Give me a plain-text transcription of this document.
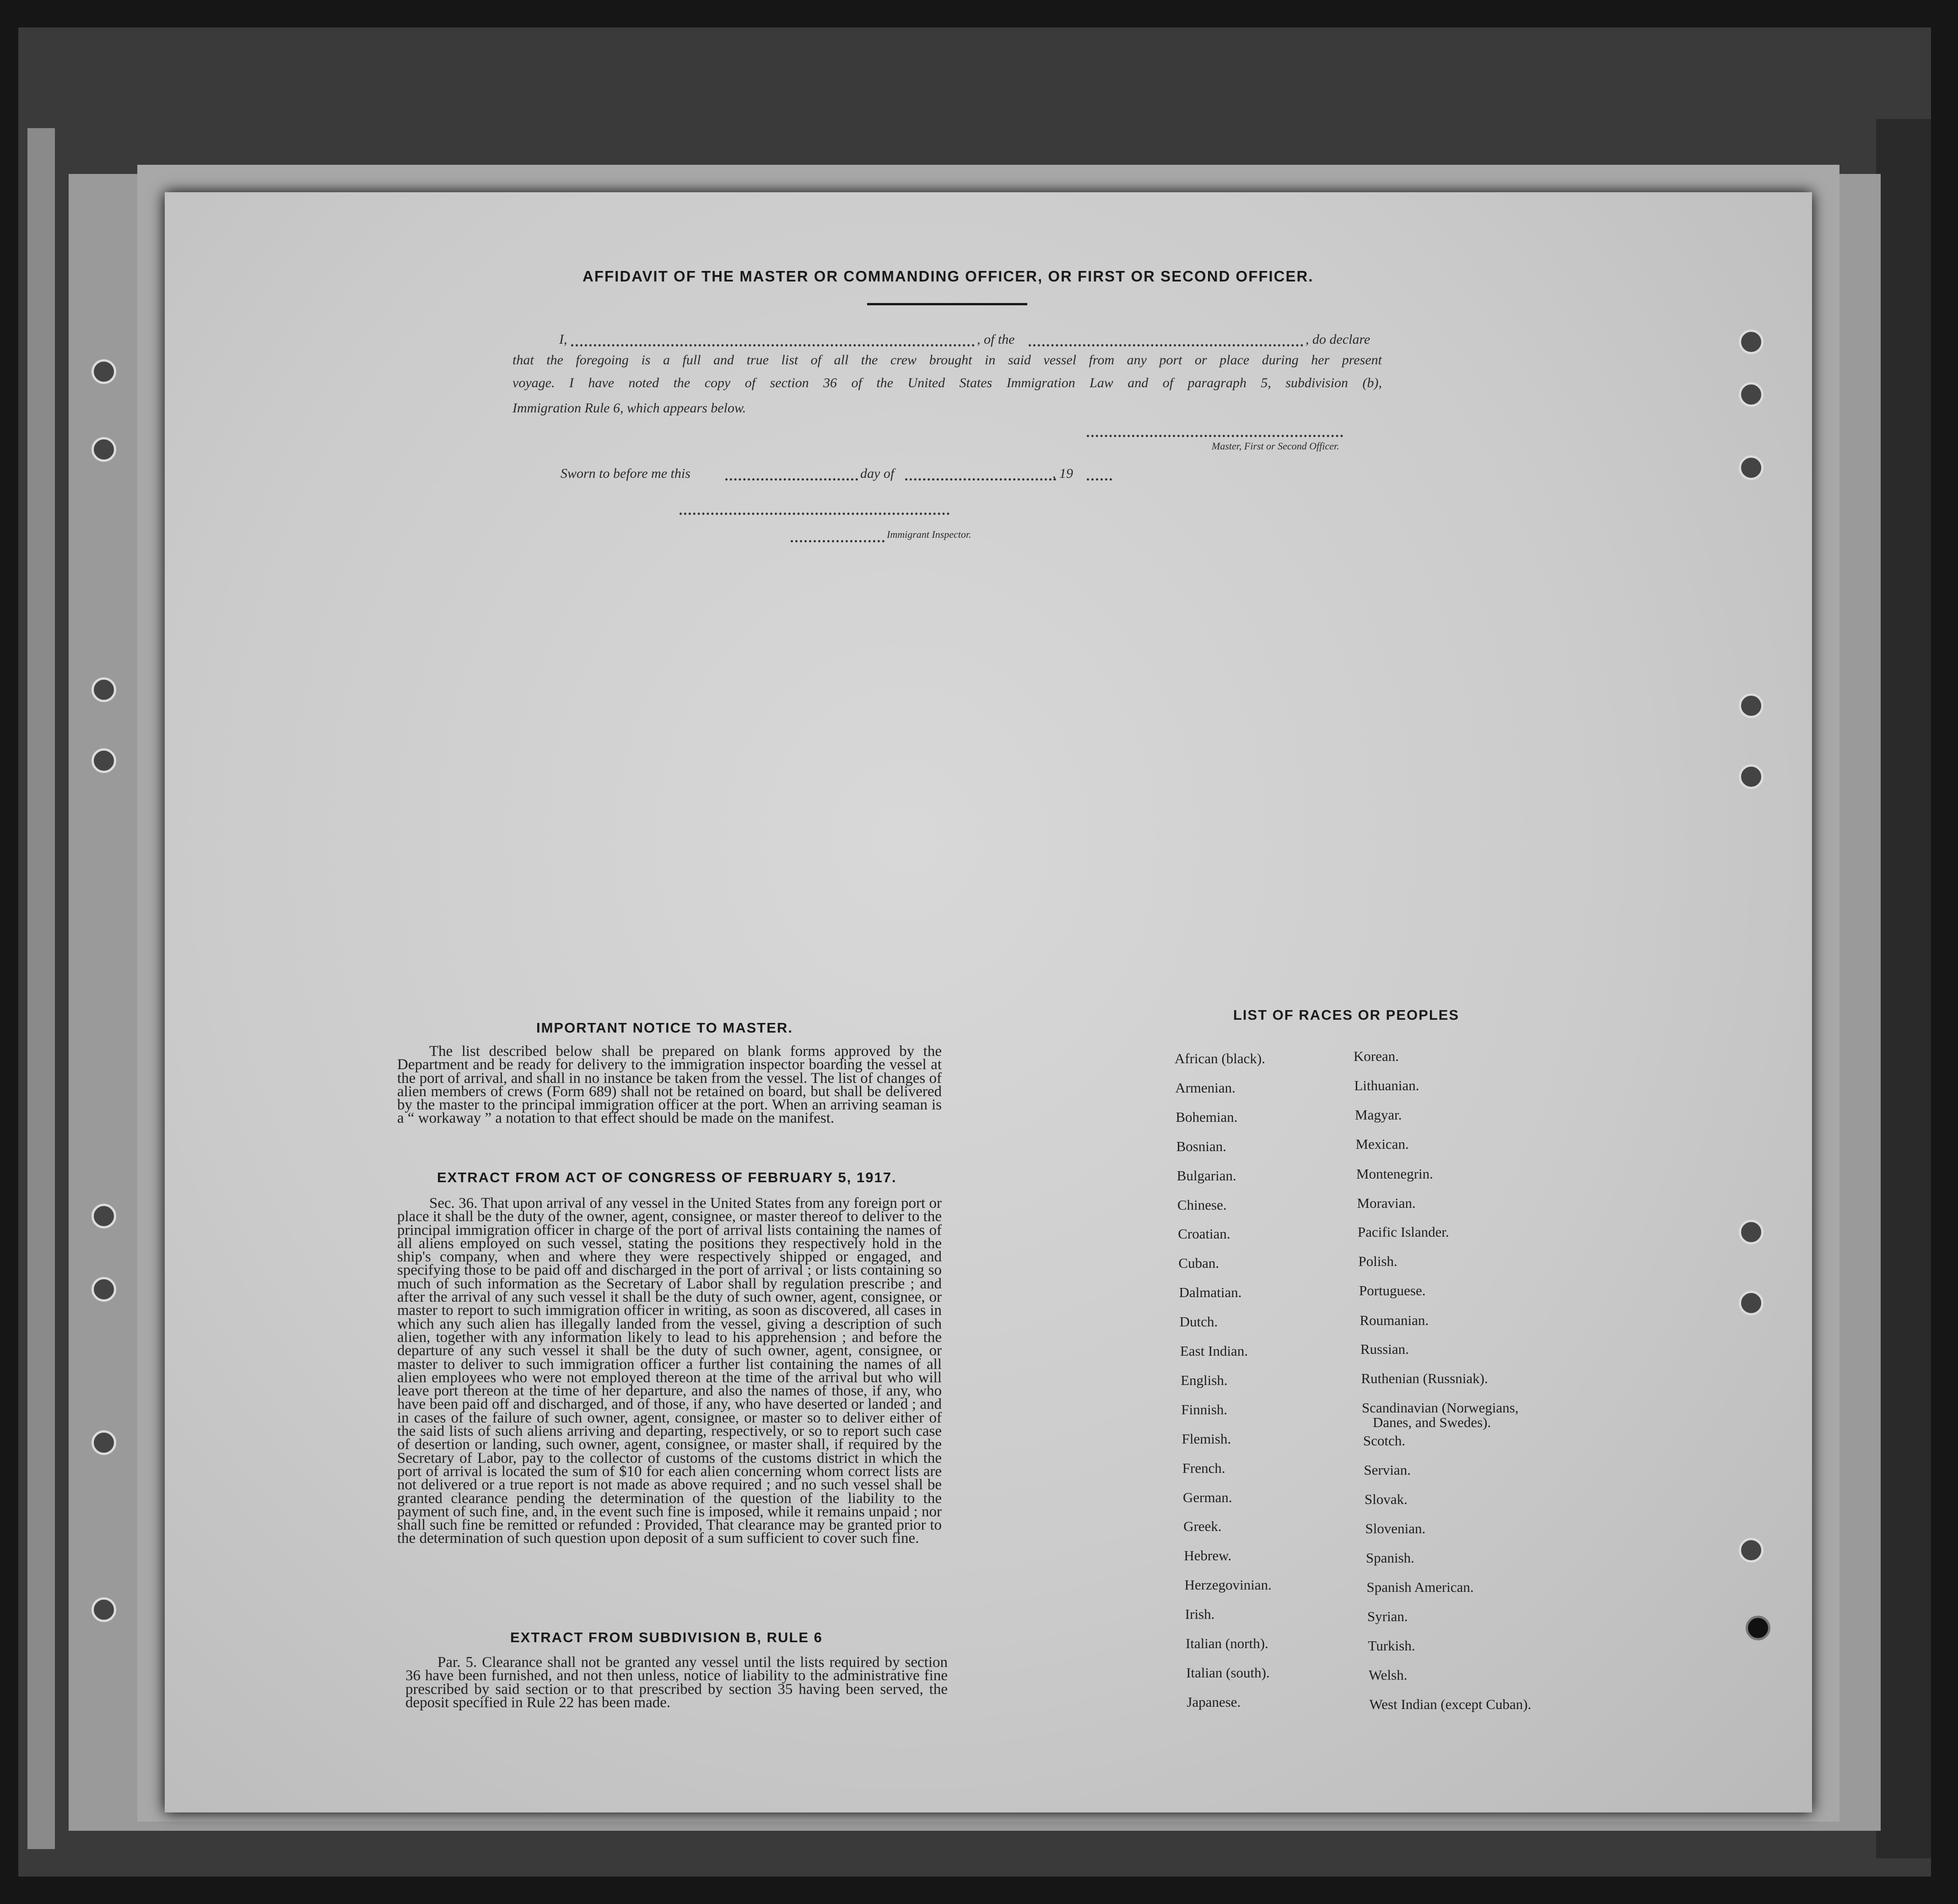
AFFIDAVIT OF THE MASTER OR COMMANDING OFFICER, OR FIRST OR SECOND OFFICER.
I,	, of the	, do declare
that the foregoing is a full and true list of all the crew brought in said vessel from any port or place during her present
voyage. I have noted the copy of section 36 of the United States Immigration Law and of paragraph 5, subdivision (b),
Immigration Rule 6, which appears below.
Master, First or Second Officer.
Sworn to before me this	day of	, 19
Immigrant Inspector.
IMPORTANT NOTICE TO MASTER.
The list described below shall be prepared on blank forms approved by the Department and be ready for delivery to the immigration inspector boarding the vessel at the port of arrival, and shall in no instance be taken from the vessel. The list of changes of alien members of crews (Form 689) shall not be retained on board, but shall be delivered by the master to the principal immigration officer at the port. When an arriving seaman is a “ workaway ” a notation to that effect should be made on the manifest.
EXTRACT FROM ACT OF CONGRESS OF FEBRUARY 5, 1917.
Sec. 36. That upon arrival of any vessel in the United States from any foreign port or place it shall be the duty of the owner, agent, consignee, or master thereof to deliver to the principal immigration officer in charge of the port of arrival lists containing the names of all aliens employed on such vessel, stating the positions they respectively hold in the ship's company, when and where they were respectively shipped or engaged, and specifying those to be paid off and discharged in the port of arrival ; or lists containing so much of such information as the Secretary of Labor shall by regulation prescribe ; and after the arrival of any such vessel it shall be the duty of such owner, agent, consignee, or master to report to such immigration officer in writing, as soon as discovered, all cases in which any such alien has illegally landed from the vessel, giving a description of such alien, together with any information likely to lead to his apprehension ; and before the departure of any such vessel it shall be the duty of such owner, agent, consignee, or master to deliver to such immigration officer a further list containing the names of all alien employees who were not employed thereon at the time of the arrival but who will leave port thereon at the time of her departure, and also the names of those, if any, who have been paid off and discharged, and of those, if any, who have deserted or landed ; and in cases of the failure of such owner, agent, consignee, or master so to deliver either of the said lists of such aliens arriving and departing, respectively, or so to report such case of desertion or landing, such owner, agent, consignee, or master shall, if required by the Secretary of Labor, pay to the collector of customs of the customs district in which the port of arrival is located the sum of $10 for each alien concerning whom correct lists are not delivered or a true report is not made as above required ; and no such vessel shall be granted clearance pending the determination of the question of the liability to the payment of such fine, and, in the event such fine is imposed, while it remains unpaid ; nor shall such fine be remitted or refunded : Provided, That clearance may be granted prior to the determination of such question upon deposit of a sum sufficient to cover such fine.
EXTRACT FROM SUBDIVISION B, RULE 6
Par. 5. Clearance shall not be granted any vessel until the lists required by section 36 have been furnished, and not then unless, notice of liability to the administrative fine prescribed by said section or to that prescribed by section 35 having been served, the deposit specified in Rule 22 has been made.
LIST OF RACES OR PEOPLES
African (black).
Armenian.
Bohemian.
Bosnian.
Bulgarian.
Chinese.
Croatian.
Cuban.
Dalmatian.
Dutch.
East Indian.
English.
Finnish.
Flemish.
French.
German.
Greek.
Hebrew.
Herzegovinian.
Irish.
Italian (north).
Italian (south).
Japanese.
Korean.
Lithuanian.
Magyar.
Mexican.
Montenegrin.
Moravian.
Pacific Islander.
Polish.
Portuguese.
Roumanian.
Russian.
Ruthenian (Russniak).
Scandinavian (Norwegians,
Danes, and Swedes).
Scotch.
Servian.
Slovak.
Slovenian.
Spanish.
Spanish American.
Syrian.
Turkish.
Welsh.
West Indian (except Cuban).
